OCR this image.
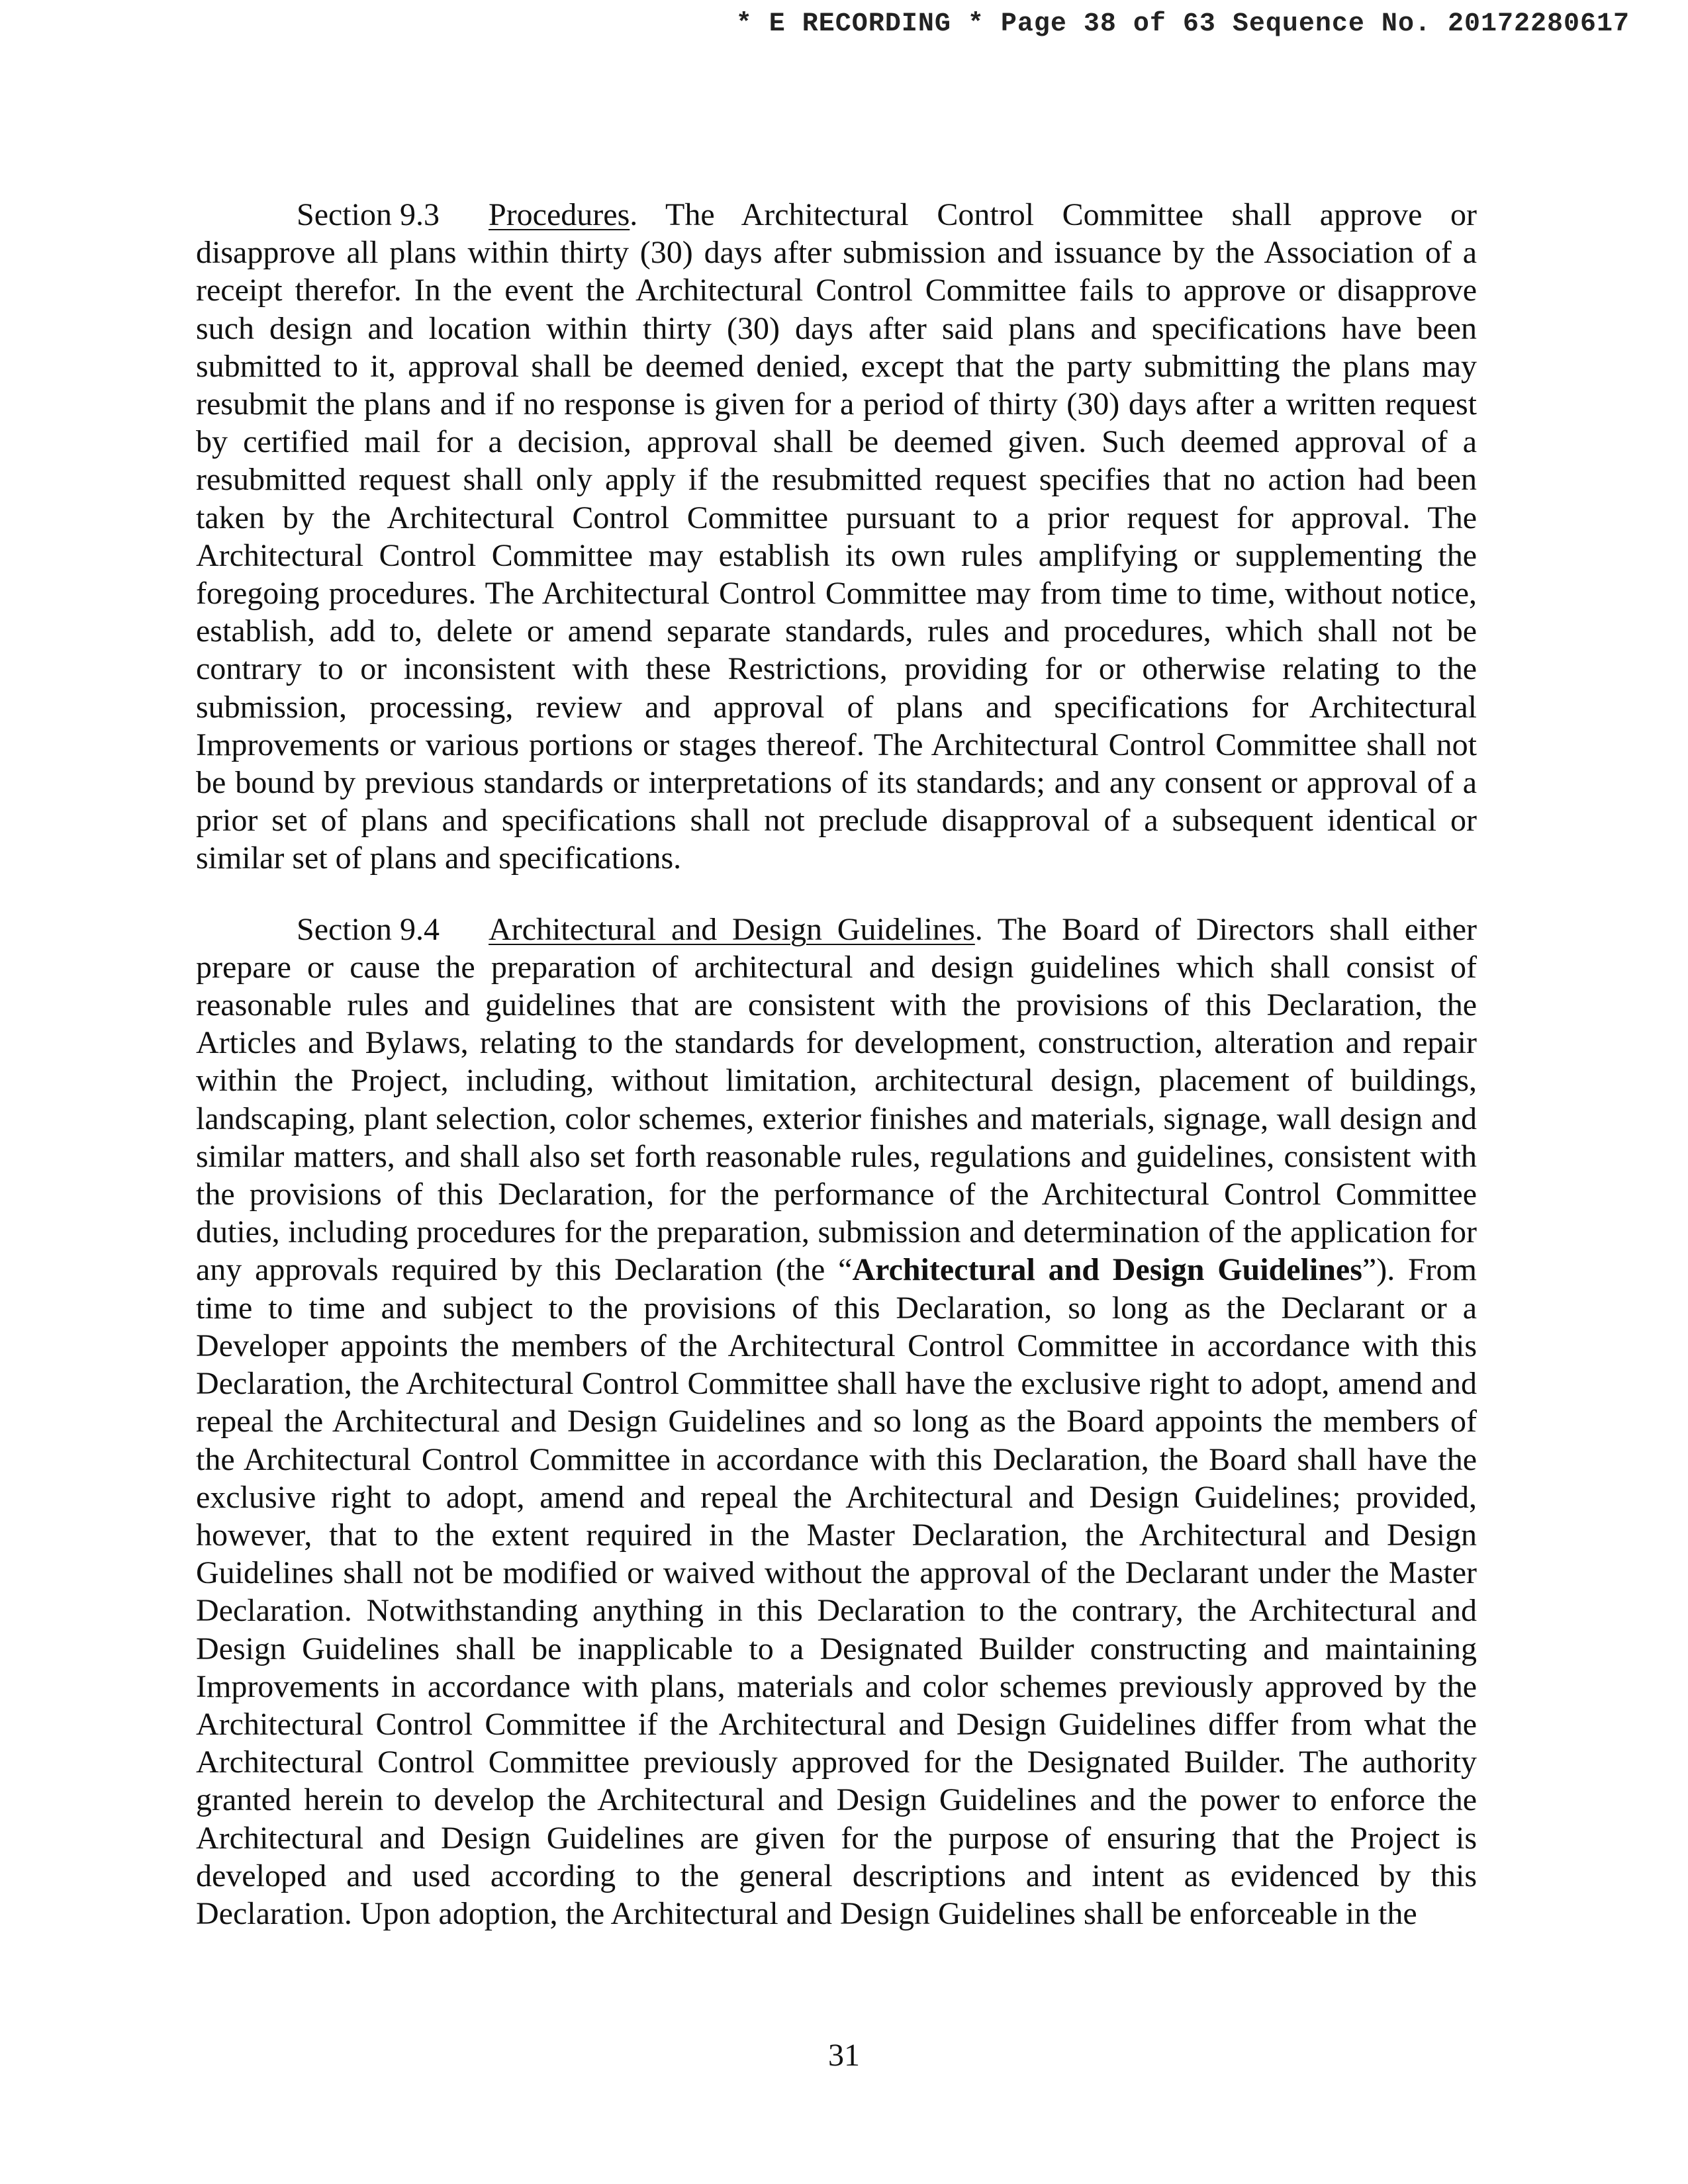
* E RECORDING * Page 38 of 63 Sequence No. 20172280617

Section 9.3 Procedures. The Architectural Control Committee shall approve or disapprove all plans within thirty (30) days after submission and issuance by the Association of a receipt therefor. In the event the Architectural Control Committee fails to approve or disapprove such design and location within thirty (30) days after said plans and specifications have been submitted to it, approval shall be deemed denied, except that the party submitting the plans may resubmit the plans and if no response is given for a period of thirty (30) days after a written request by certified mail for a decision, approval shall be deemed given. Such deemed approval of a resubmitted request shall only apply if the resubmitted request specifies that no action had been taken by the Architectural Control Committee pursuant to a prior request for approval. The Architectural Control Committee may establish its own rules amplifying or supplementing the foregoing procedures. The Architectural Control Committee may from time to time, without notice, establish, add to, delete or amend separate standards, rules and procedures, which shall not be contrary to or inconsistent with these Restrictions, providing for or otherwise relating to the submission, processing, review and approval of plans and specifications for Architectural Improvements or various portions or stages thereof. The Architectural Control Committee shall not be bound by previous standards or interpretations of its standards; and any consent or approval of a prior set of plans and specifications shall not preclude disapproval of a subsequent identical or similar set of plans and specifications.

Section 9.4 Architectural and Design Guidelines. The Board of Directors shall either prepare or cause the preparation of architectural and design guidelines which shall consist of reasonable rules and guidelines that are consistent with the provisions of this Declaration, the Articles and Bylaws, relating to the standards for development, construction, alteration and repair within the Project, including, without limitation, architectural design, placement of buildings, landscaping, plant selection, color schemes, exterior finishes and materials, signage, wall design and similar matters, and shall also set forth reasonable rules, regulations and guidelines, consistent with the provisions of this Declaration, for the performance of the Architectural Control Committee duties, including procedures for the preparation, submission and determination of the application for any approvals required by this Declaration (the “Architectural and Design Guidelines”). From time to time and subject to the provisions of this Declaration, so long as the Declarant or a Developer appoints the members of the Architectural Control Committee in accordance with this Declaration, the Architectural Control Committee shall have the exclusive right to adopt, amend and repeal the Architectural and Design Guidelines and so long as the Board appoints the members of the Architectural Control Committee in accordance with this Declaration, the Board shall have the exclusive right to adopt, amend and repeal the Architectural and Design Guidelines; provided, however, that to the extent required in the Master Declaration, the Architectural and Design Guidelines shall not be modified or waived without the approval of the Declarant under the Master Declaration. Notwithstanding anything in this Declaration to the contrary, the Architectural and Design Guidelines shall be inapplicable to a Designated Builder constructing and maintaining Improvements in accordance with plans, materials and color schemes previously approved by the Architectural Control Committee if the Architectural and Design Guidelines differ from what the Architectural Control Committee previously approved for the Designated Builder. The authority granted herein to develop the Architectural and Design Guidelines and the power to enforce the Architectural and Design Guidelines are given for the purpose of ensuring that the Project is developed and used according to the general descriptions and intent as evidenced by this Declaration. Upon adoption, the Architectural and Design Guidelines shall be enforceable in the

31
